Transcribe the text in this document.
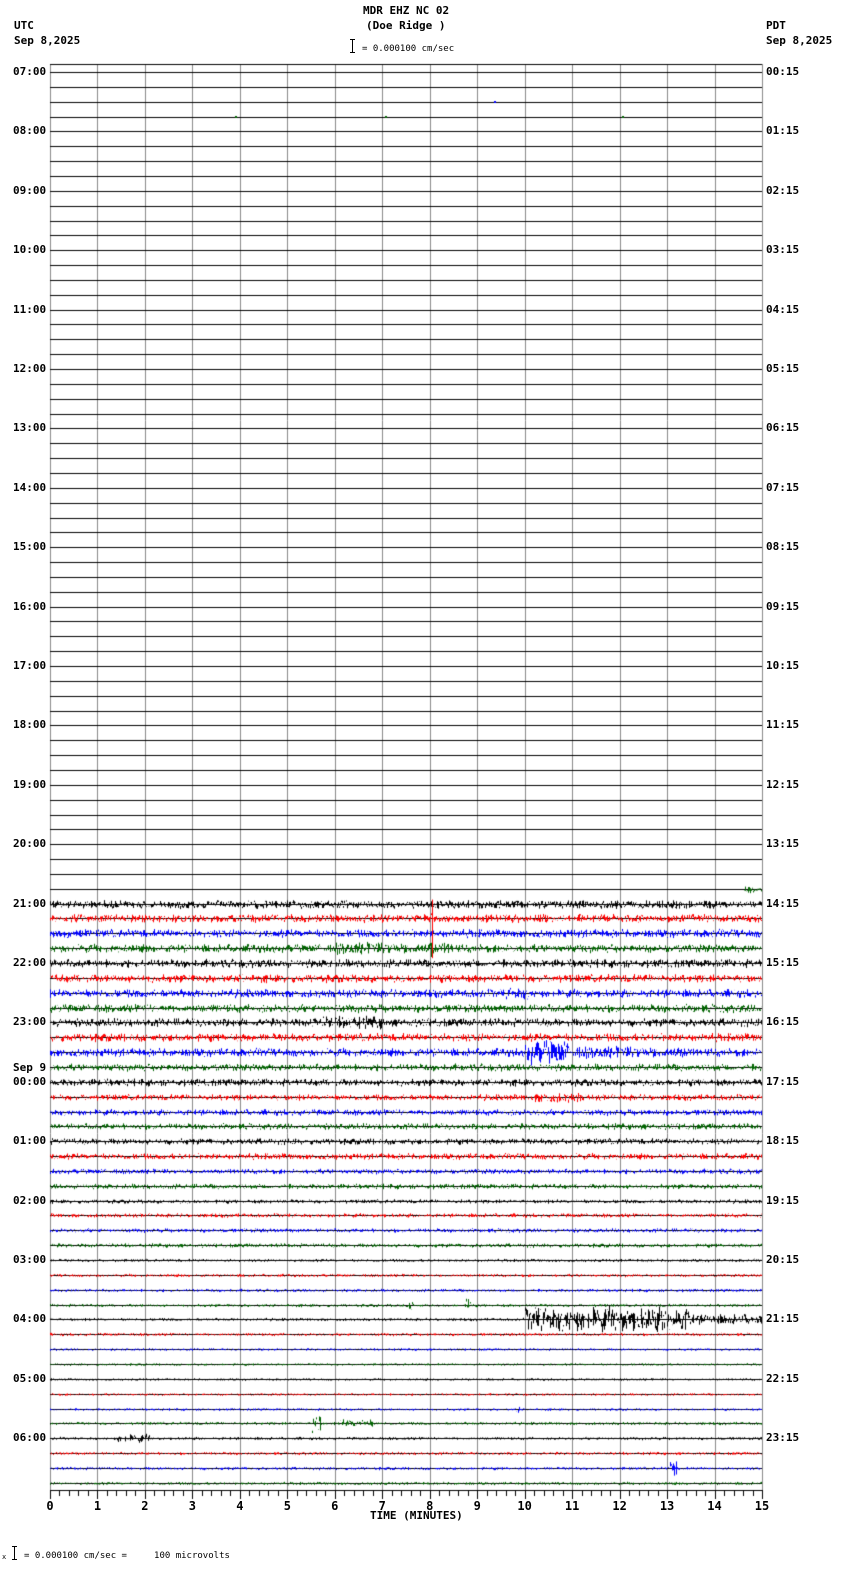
MDR EHZ NC 02
(Doe Ridge )
UTC
Sep 8,2025
PDT
Sep 8,2025
= 0.000100 cm/sec
07:00
08:00
09:00
10:00
11:00
12:00
13:00
14:00
15:00
16:00
17:00
18:00
19:00
20:00
21:00
22:00
23:00
00:00
Sep 9
01:00
02:00
03:00
04:00
05:00
06:00
00:15
01:15
02:15
03:15
04:15
05:15
06:15
07:15
08:15
09:15
10:15
11:15
12:15
13:15
14:15
15:15
16:15
17:15
18:15
19:15
20:15
21:15
22:15
23:15
0	1	2	3	4	5	6	7	8	9	10	11	12	13	14	15
TIME (MINUTES)
x = 0.000100 cm/sec =     100 microvolts
